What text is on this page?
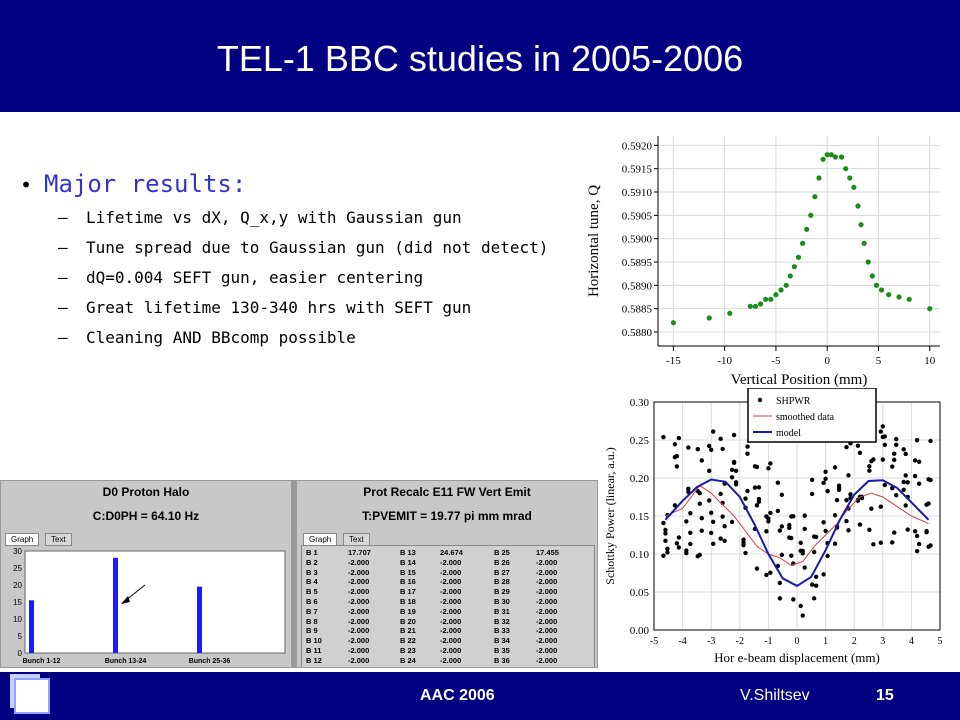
TEL-1 BBC studies in 2005-2006
• Major results:
– Lifetime vs dX, Q_x,y with Gaussian gun
– Tune spread due to Gaussian gun (did not detect)
– dQ=0.004 SEFT gun, easier centering
– Great lifetime 130-340 hrs with SEFT gun
– Cleaning AND BBcomp possible
-15	-10	-5	0	5	10
0.5920
0.5915
0.5910
0.5905
0.5900
0.5895
0.5890
0.5885
0.5880
Vertical Position (mm)
Horizontal tune, Q
-5 -4 -3 -2 -1 0 1 2 3 4 5
0.30
0.25
0.20
0.15
0.10
0.05
0.00
SHPWR
smoothed data
model
Hor e-beam displacement (mm)
Schottky Power (linear, a.u.)
D0 Proton Halo
C:D0PH = 64.10 Hz
Prot Recalc E11 FW Vert Emit
T:PVEMIT = 19.77 pi mm mrad
Graph	Text	Graph	Text
30
25
20
15
10
5
0
Bunch 1-12	Bunch 13-24	Bunch 25-36
B 1	17.707	B 13	24.674	B 25	17.455
B 2	-2.000	B 14	-2.000	B 26	-2.000
B 3	-2.000	B 15	-2.000	B 27	-2.000
B 4	-2.000	B 16	-2.000	B 28	-2.000
B 5	-2.000	B 17	-2.000	B 29	-2.000
B 6	-2.000	B 18	-2.000	B 30	-2.000
B 7	-2.000	B 19	-2.000	B 31	-2.000
B 8	-2.000	B 20	-2.000	B 32	-2.000
B 9	-2.000	B 21	-2.000	B 33	-2.000
B 10	-2.000	B 22	-2.000	B 34	-2.000
B 11	-2.000	B 23	-2.000	B 35	-2.000
B 12	-2.000	B 24	-2.000	B 36	-2.000
AAC 2006	V.Shiltsev	15
